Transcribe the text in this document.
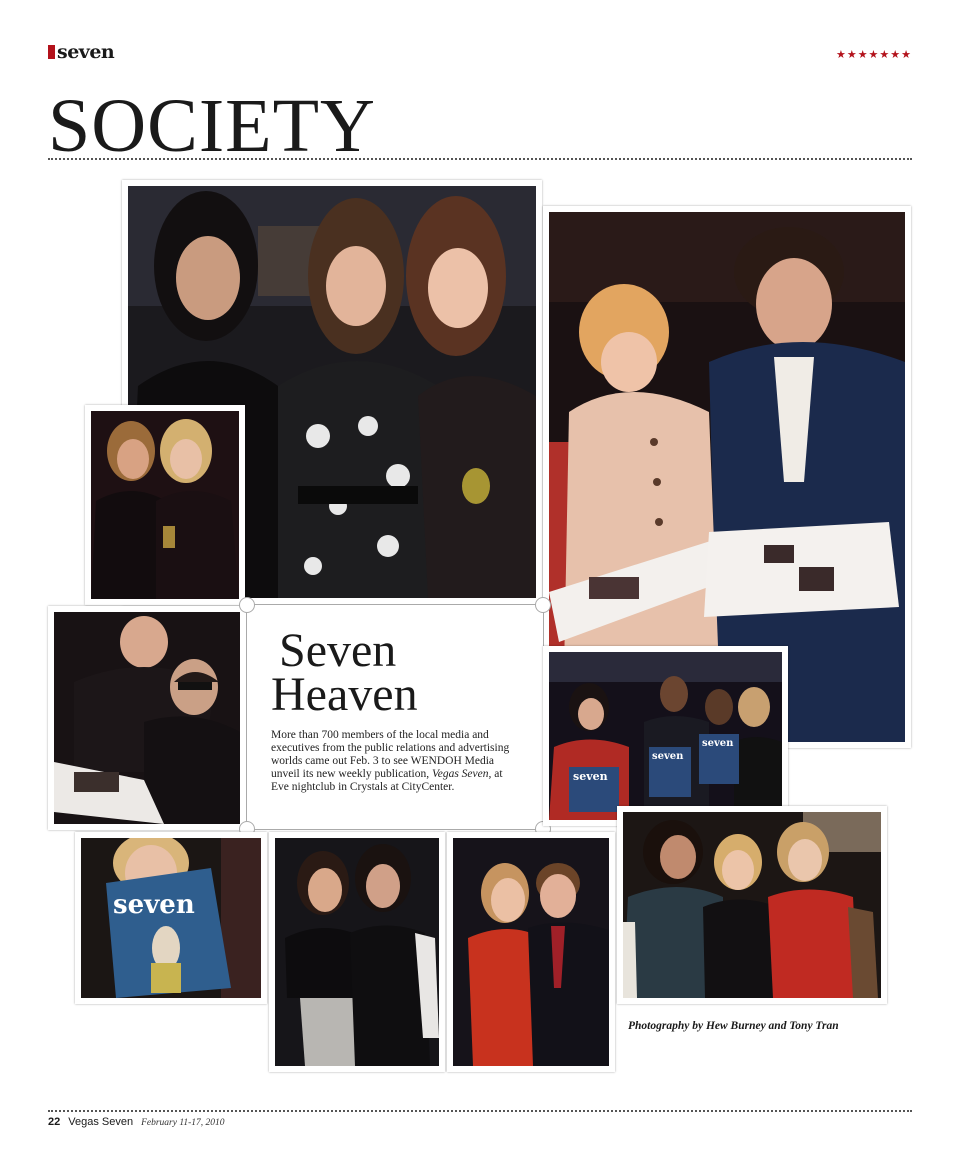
seven	★★★★★★★
SOCIETY
Seven
Heaven
More than 700 members of the local media and executives from the public relations and advertising worlds came out Feb. 3 to see WENDOH Media unveil its new weekly publication, Vegas Seven, at Eve nightclub in Crystals at CityCenter.
seven
seven
seven
seven
Photography by Hew Burney and Tony Tran
22 Vegas Seven February 11-17, 2010
